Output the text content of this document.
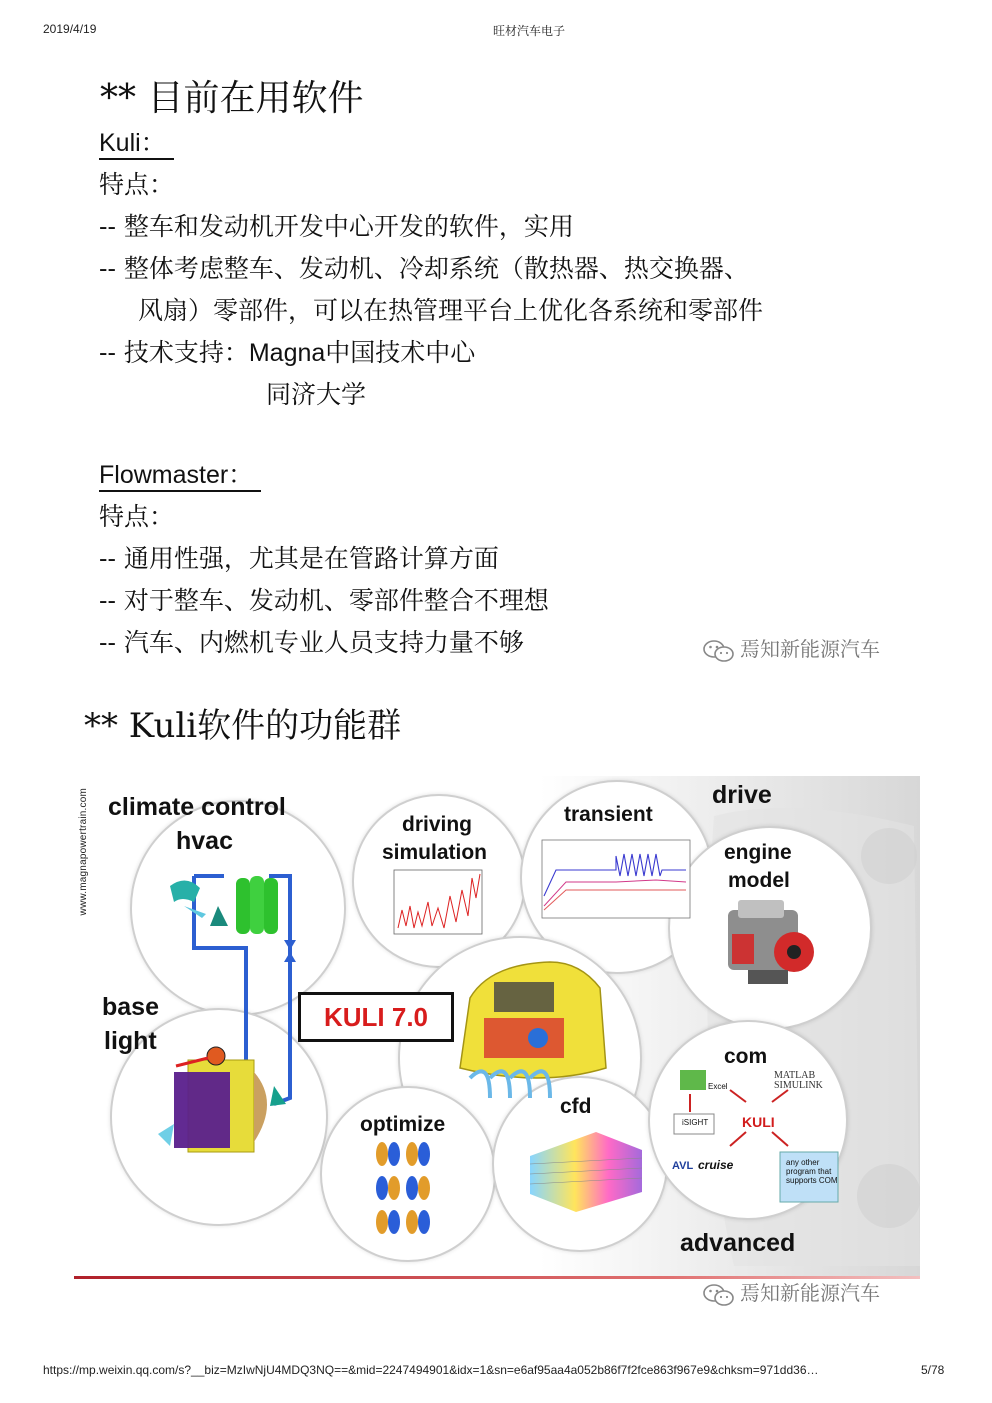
2019/4/19	旺材汽车电子
** 目前在用软件
Kuli：
特点：
-- 整车和发动机开发中心开发的软件，实用
-- 整体考虑整车、发动机、冷却系统（散热器、热交换器、
风扇）零部件，可以在热管理平台上优化各系统和零部件
-- 技术支持：Magna中国技术中心
同济大学
Flowmaster：
特点：
-- 通用性强，尤其是在管路计算方面
-- 对于整车、发动机、零部件整合不理想
-- 汽车、内燃机专业人员支持力量不够	焉知新能源汽车
** Kuli软件的功能群
www.magnapowertrain.com climate control
hvac
base
light
driving
simulation
transient
drive
engine
model
KULI 7.0
optimize
cfd
com
advanced
MATLAB
SIMULINK
Excel
iSIGHT KULI
AVL cruise	any other program that supports COM
焉知新能源汽车
https://mp.weixin.qq.com/s?__biz=MzIwNjU4MDQ3NQ==&mid=2247494901&idx=1&sn=e6af95aa4a052b86f7f2fce863f967e9&chksm=971dd36…	5/78
